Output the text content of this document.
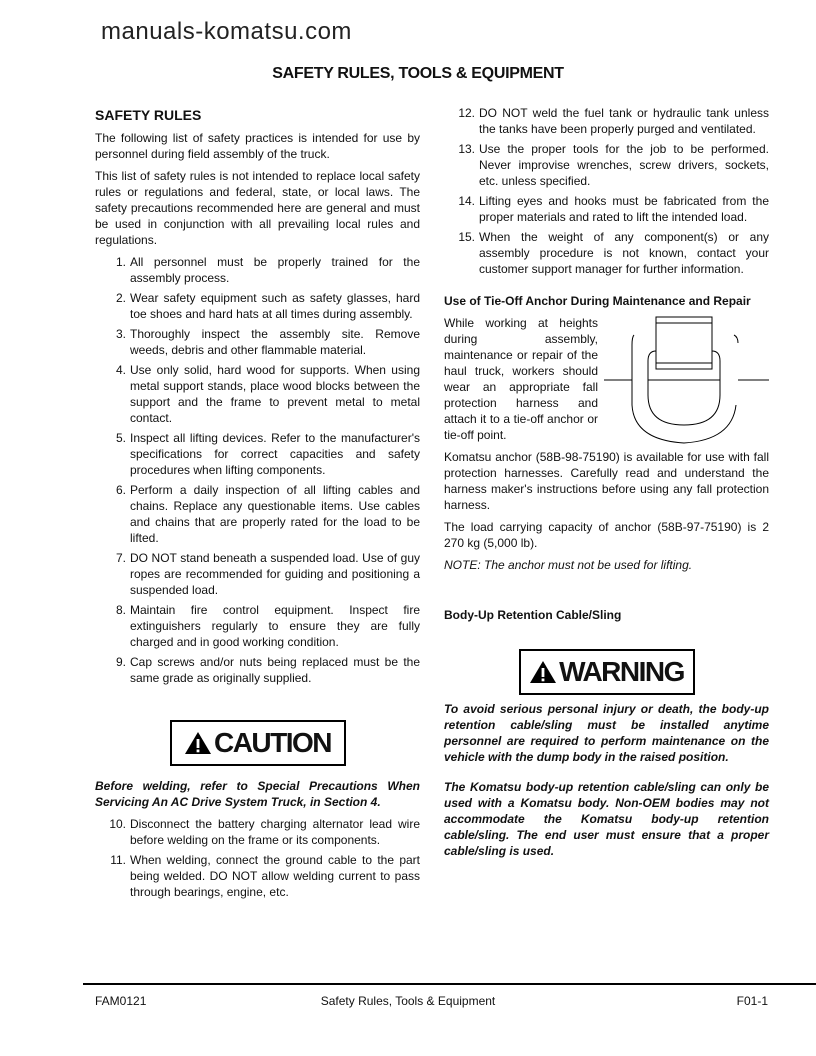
manuals-komatsu.com
SAFETY RULES, TOOLS & EQUIPMENT
SAFETY RULES

The following list of safety practices is intended for use by personnel during field assembly of the truck.

This list of safety rules is not intended to replace local safety rules or regulations and federal, state, or local laws. The safety precautions recommended here are general and must be used in conjunction with all prevailing local rules and regulations.

1. All personnel must be properly trained for the assembly process.
2. Wear safety equipment such as safety glasses, hard toe shoes and hard hats at all times during assembly.
3. Thoroughly inspect the assembly site. Remove weeds, debris and other flammable material.
4. Use only solid, hard wood for supports. When using metal support stands, place wood blocks between the support and the frame to prevent metal to metal contact.
5. Inspect all lifting devices. Refer to the manufacturer's specifications for correct capacities and safety procedures when lifting components.
6. Perform a daily inspection of all lifting cables and chains. Replace any questionable items. Use cables and chains that are properly rated for the load to be lifted.
7. DO NOT stand beneath a suspended load. Use of guy ropes are recommended for guiding and positioning a suspended load.
8. Maintain fire control equipment. Inspect fire extinguishers regularly to ensure they are fully charged and in good working condition.
9. Cap screws and/or nuts being replaced must be the same grade as originally supplied.
CAUTION

Before welding, refer to Special Precautions When Servicing An AC Drive System Truck, in Section 4.

10. Disconnect the battery charging alternator lead wire before welding on the frame or its components.
11. When welding, connect the ground cable to the part being welded. DO NOT allow welding current to pass through bearings, engine, etc.
12. DO NOT weld the fuel tank or hydraulic tank unless the tanks have been properly purged and ventilated.
13. Use the proper tools for the job to be performed. Never improvise wrenches, screw drivers, sockets, etc. unless specified.
14. Lifting eyes and hooks must be fabricated from the proper materials and rated to lift the intended load.
15. When the weight of any component(s) or any assembly procedure is not known, contact your customer support manager for further information.
Use of Tie-Off Anchor During Maintenance and Repair

While working at heights during assembly, maintenance or repair of the haul truck, workers should wear an appropriate fall protection harness and attach it to a tie-off anchor or tie-off point.

Komatsu anchor (58B-98-75190) is available for use with fall protection harnesses. Carefully read and understand the harness maker's instructions before using any fall protection harness.

The load carrying capacity of anchor (58B-97-75190) is 2 270 kg (5,000 lb).

NOTE: The anchor must not be used for lifting.

Body-Up Retention Cable/Sling
WARNING

To avoid serious personal injury or death, the body-up retention cable/sling must be installed anytime personnel are required to perform maintenance on the vehicle with the dump body in the raised position.

The Komatsu body-up retention cable/sling can only be used with a Komatsu body. Non-OEM bodies may not accommodate the Komatsu body-up retention cable/sling. The end user must ensure that a proper cable/sling is used.

FAM0121	Safety Rules, Tools & Equipment	F01-1
